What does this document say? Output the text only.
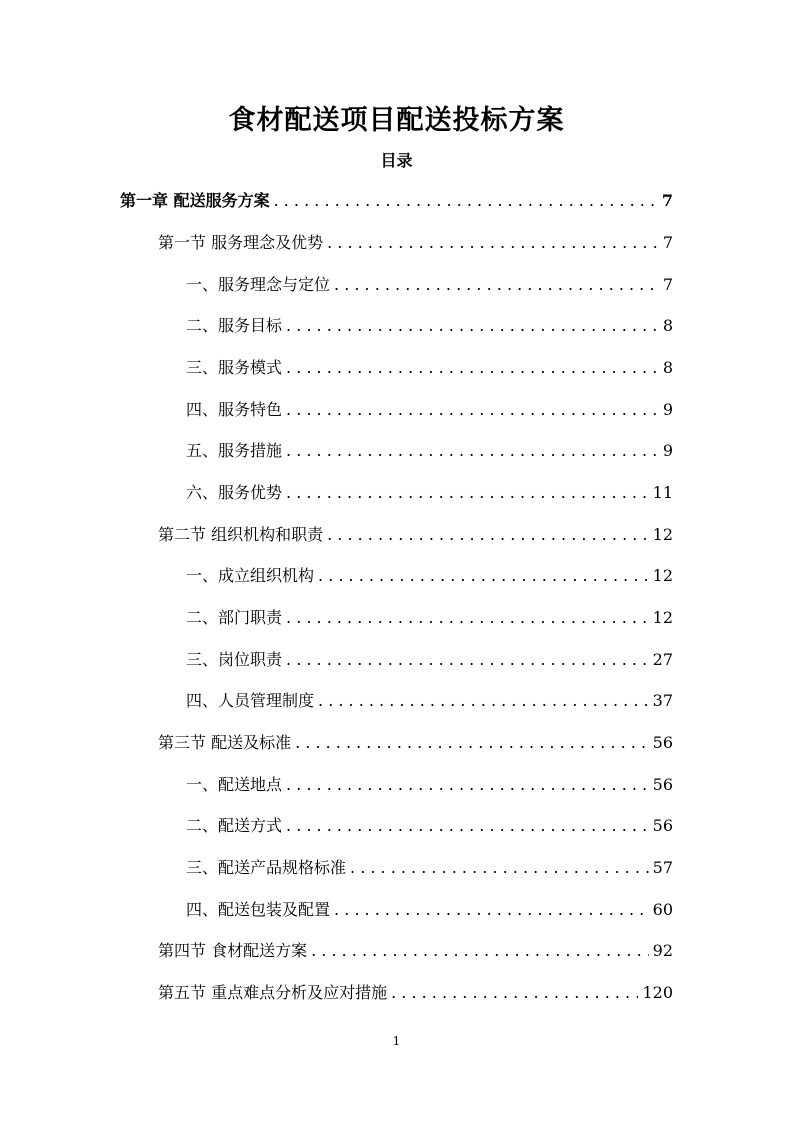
食材配送项目配送投标方案
目录
第一章 配送服务方案 . . .	7
第一节 服务理念及优势 . . .	7
一、服务理念与定位 . . .	7
二、服务目标 . . .	8
三、服务模式 . . .	8
四、服务特色 . . .	9
五、服务措施 . . .	9
六、服务优势 . . .	11
第二节 组织机构和职责 . . .	12
一、成立组织机构 . . .	12
二、部门职责 . . .	12
三、岗位职责 . . .	27
四、人员管理制度 . . .	37
第三节 配送及标准 . . .	56
一、配送地点 . . .	56
二、配送方式 . . .	56
三、配送产品规格标准 . . .	57
四、配送包装及配置 . . .	60
第四节 食材配送方案 . . .	92
第五节 重点难点分析及应对措施 . . .	120

1
